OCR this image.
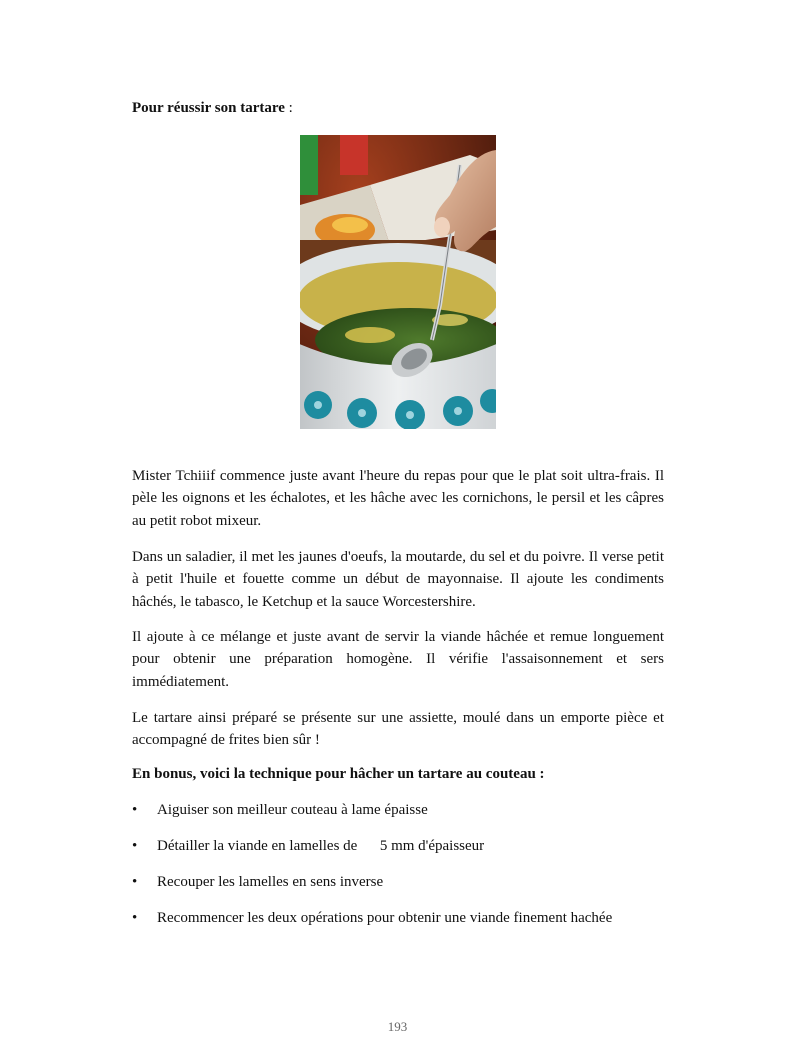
Pour réussir son tartare :

Mister Tchiiif commence juste avant l'heure du repas pour que le plat soit ultra-frais. Il pèle les oignons et les échalotes, et les hâche avec les cornichons, le persil et les câpres au petit robot mixeur.

Dans un saladier, il met les jaunes d'oeufs, la moutarde, du sel et du poivre. Il verse petit à petit l'huile et fouette comme un début de mayonnaise. Il ajoute les condiments hâchés, le tabasco, le Ketchup et la sauce Worcestershire.

Il ajoute à ce mélange et juste avant de servir la viande hâchée et remue longuement pour obtenir une préparation homogène. Il vérifie l'assaisonnement et sers immédiatement.

Le tartare ainsi préparé se présente sur une assiette, moulé dans un emporte pièce et accompagné de frites bien sûr !

En bonus, voici la technique pour hâcher un tartare au couteau :

• Aiguiser son meilleur couteau à lame épaisse
• Détailler la viande en lamelles de      5 mm d'épaisseur
• Recouper les lamelles en sens inverse
• Recommencer les deux opérations pour obtenir une viande finement hachée
193
